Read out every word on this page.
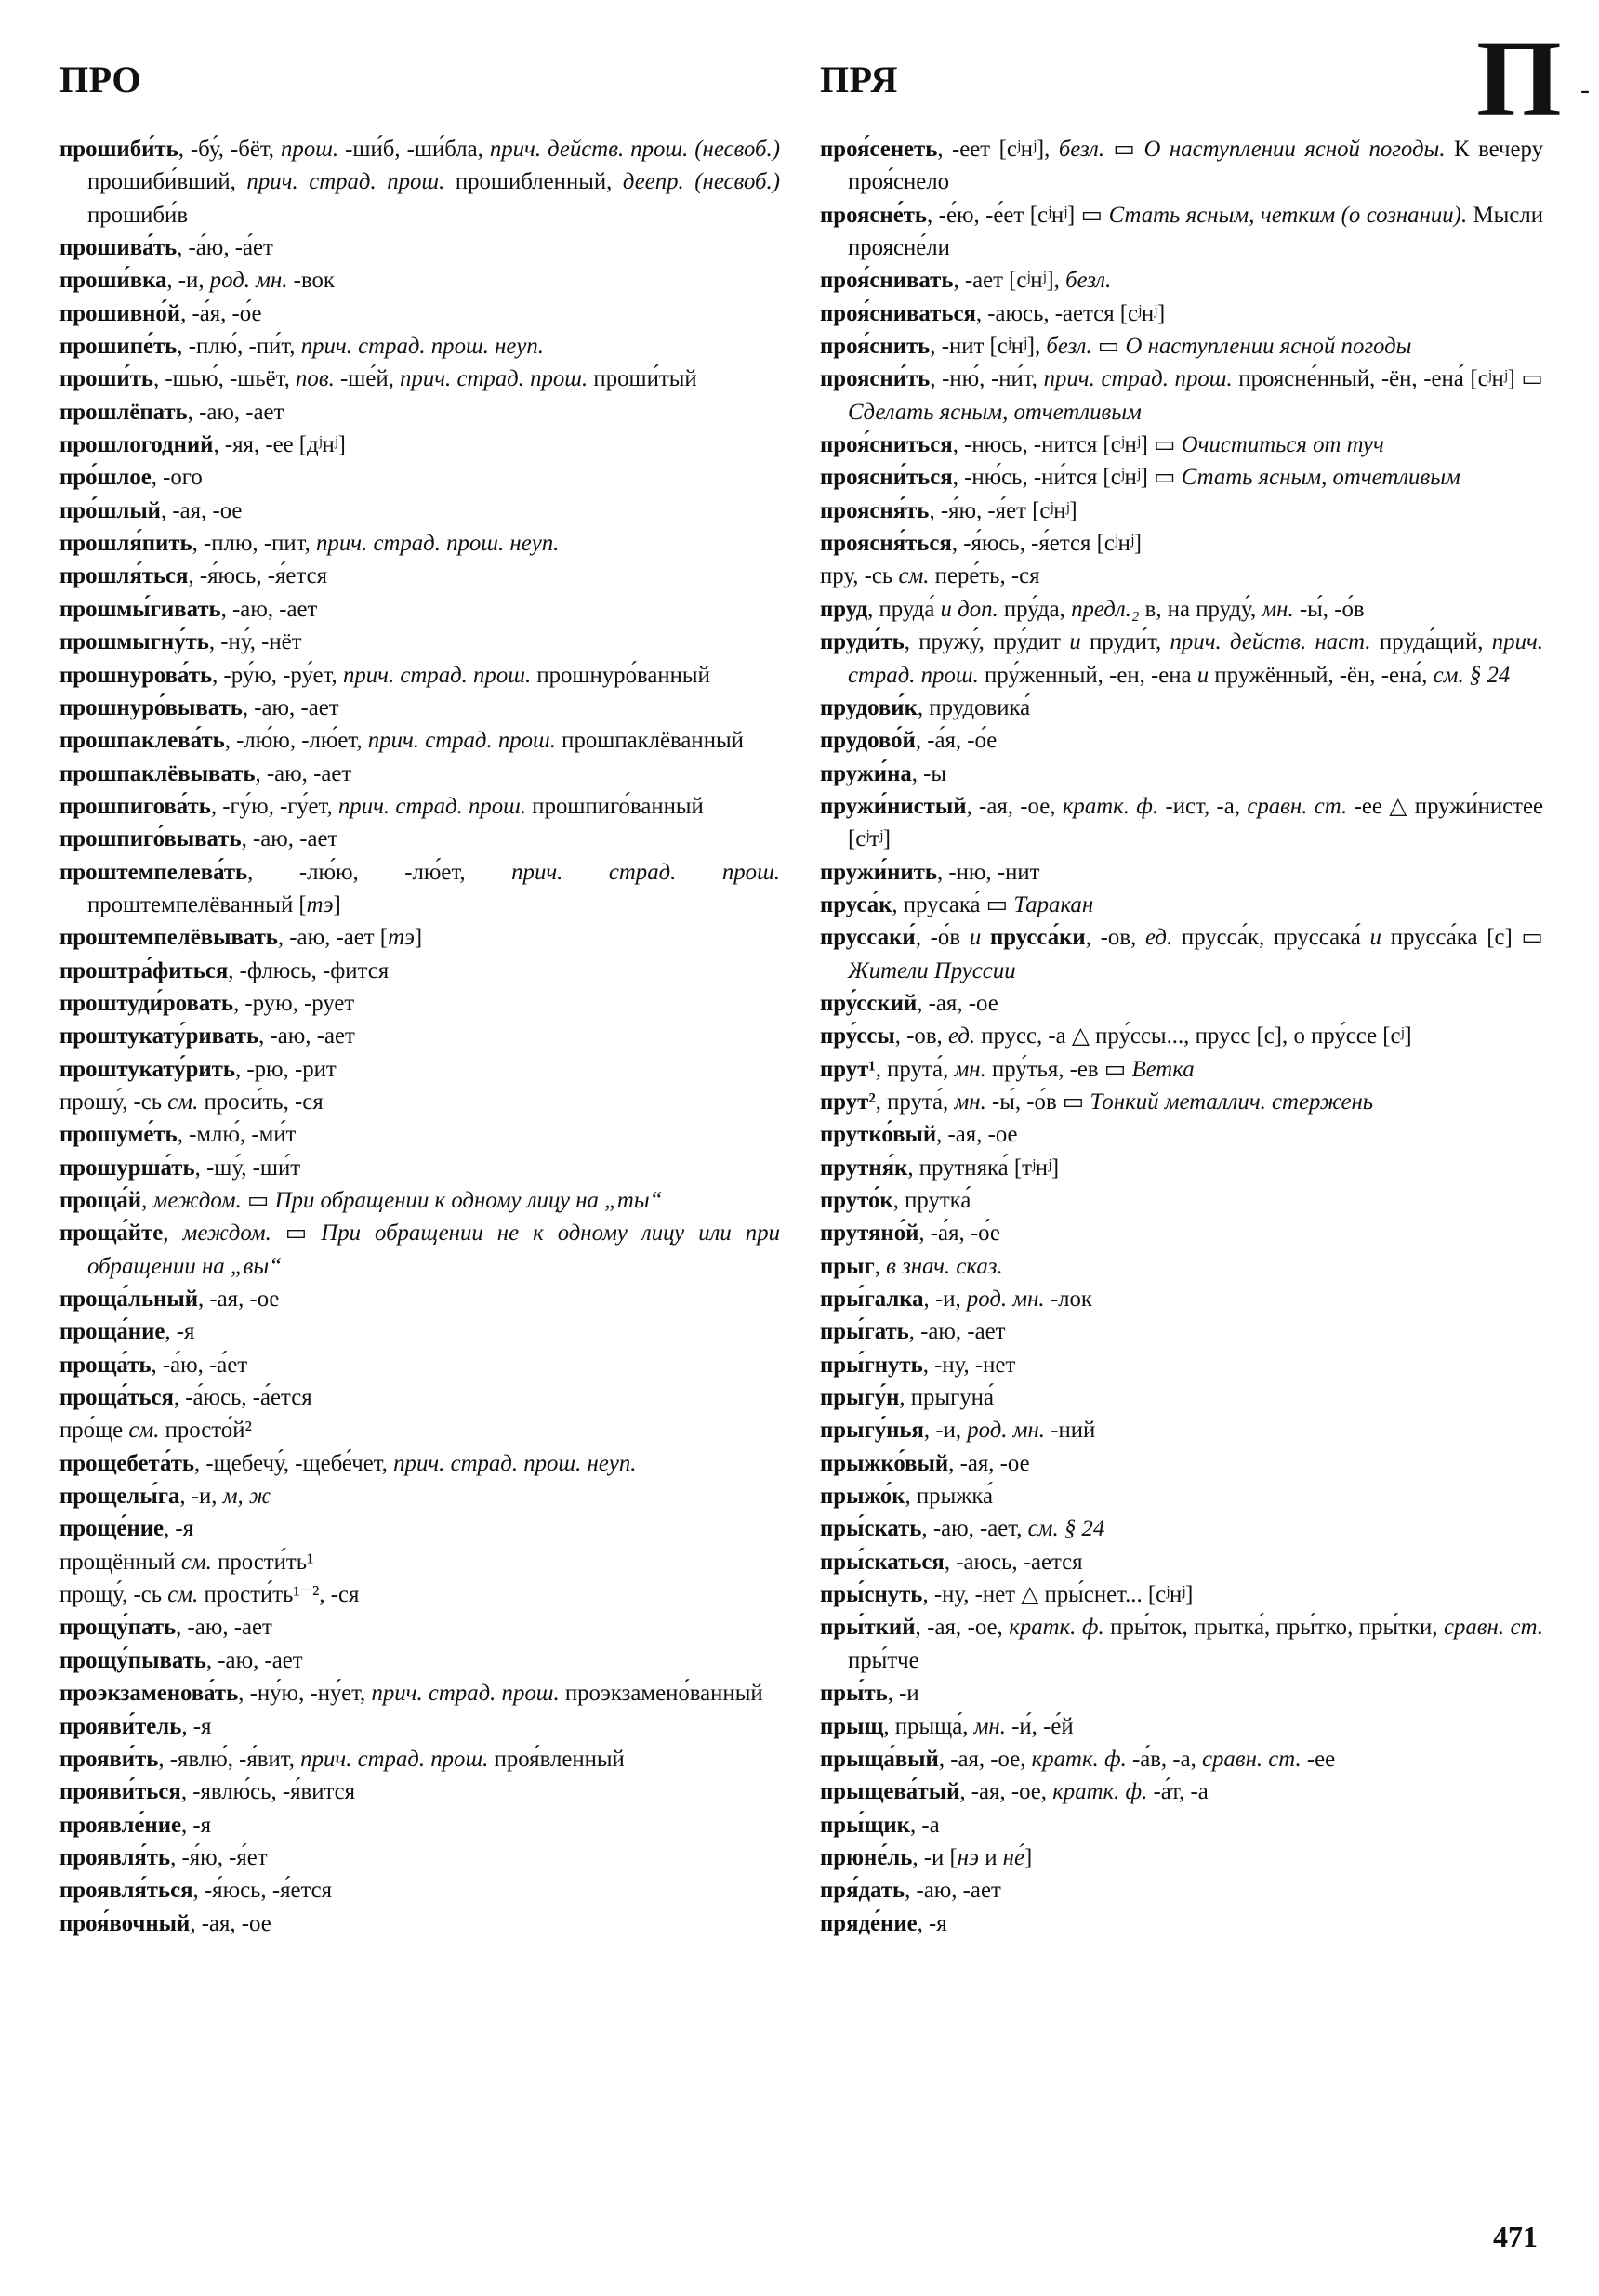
ПРО	ПРЯ	П -
прошиби́ть, -бу́, -бёт, прош. -ши́б, -ши́бла, прич. действ. прош. (несвоб.) прошиби́вший, прич. страд. прош. прошибленный, деепр. (несвоб.) прошиби́в
прошива́ть, -а́ю, -а́ет
проши́вка, -и, род. мн. -вок
прошивно́й, -а́я, -о́е
прошипе́ть, -плю́, -пи́т, прич. страд. прош. неуп.
проши́ть, -шью́, -шьёт, пов. -ше́й, прич. страд. прош. проши́тый
прошлёпать, -аю, -ает
прошлогодний, -яя, -ее [дʲнʲ]
про́шлое, -ого
про́шлый, -ая, -ое
прошля́пить, -плю, -пит, прич. страд. прош. неуп.
прошля́ться, -я́юсь, -я́ется
прошмы́гивать, -аю, -ает
прошмыгну́ть, -ну́, -нёт
прошнурова́ть, -ру́ю, -ру́ет, прич. страд. прош. прошнуро́ванный
прошнуро́вывать, -аю, -ает
прошпаклева́ть, -лю́ю, -лю́ет, прич. страд. прош. прошпаклёванный
прошпаклёвывать, -аю, -ает
прошпигова́ть, -гу́ю, -гу́ет, прич. страд. прош. прошпиго́ванный
прошпиго́вывать, -аю, -ает
проштемпелева́ть, -лю́ю, -лю́ет, прич. страд. прош. проштемпелёванный [тэ]
проштемпелёвывать, -аю, -ает [тэ]
проштра́фиться, -флюсь, -фится
проштуди́ровать, -рую, -рует
проштукату́ривать, -аю, -ает
проштукату́рить, -рю, -рит
прошу́, -сь см. проси́ть, -ся
прошуме́ть, -млю́, -ми́т
прошурша́ть, -шу́, -ши́т
проща́й, междом. ▭ При обращении к одному лицу на „ты“
проща́йте, междом. ▭ При обращении не к одному лицу или при обращении на „вы“
проща́льный, -ая, -ое
проща́ние, -я
проща́ть, -а́ю, -а́ет
проща́ться, -а́юсь, -а́ется
про́ще см. просто́й²
прощебета́ть, -щебечу́, -щебе́чет, прич. страд. прош. неуп.
прощелы́га, -и, м, ж
проще́ние, -я
прощённый см. прости́ть¹
прощу́, -сь см. прости́ть¹⁻², -ся
прощу́пать, -аю, -ает
прощу́пывать, -аю, -ает
проэкзаменова́ть, -ну́ю, -ну́ет, прич. страд. прош. проэкзамено́ванный
прояви́тель, -я
прояви́ть, -явлю́, -я́вит, прич. страд. прош. проя́вленный
прояви́ться, -явлю́сь, -я́вится
проявле́ние, -я
проявля́ть, -я́ю, -я́ет
проявля́ться, -я́юсь, -я́ется
проя́вочный, -ая, -ое
проя́сенеть, -еет [сʲнʲ], безл. ▭ О наступлении ясной погоды. К вечеру проя́снело
проясне́ть, -е́ю, -е́ет [сʲнʲ] ▭ Стать ясным, четким (о сознании). Мысли проясне́ли
проя́снивать, -ает [сʲнʲ], безл.
проя́сниваться, -аюсь, -ается [сʲнʲ]
проя́снить, -нит [сʲнʲ], безл. ▭ О наступлении ясной погоды
проясни́ть, -ню́, -ни́т, прич. страд. прош. проясне́нный, -ён, -ена́ [сʲнʲ] ▭ Сделать ясным, отчетливым
проя́сниться, -нюсь, -нится [сʲнʲ] ▭ Очиститься от туч
проясни́ться, -ню́сь, -ни́тся [сʲнʲ] ▭ Стать ясным, отчетливым
проясня́ть, -я́ю, -я́ет [сʲнʲ]
проясня́ться, -я́юсь, -я́ется [сʲнʲ]
пру, -сь см. пере́ть, -ся
пруд, пруда́ и доп. пру́да, предл.₂ в, на пруду́, мн. -ы́, -о́в
пруди́ть, пружу́, пру́дит и пруди́т, прич. действ. наст. пруда́щий, прич. страд. прош. пру́женный, -ен, -ена и пружённый, -ён, -ена́, см. § 24
прудови́к, прудовика́
прудово́й, -а́я, -о́е
пружи́на, -ы
пружи́нистый, -ая, -ое, кратк. ф. -ист, -а, сравн. ст. -ее △ пружи́нистее [сʲтʲ]
пружи́нить, -ню, -нит
пруса́к, прусака́ ▭ Таракан
пруссаки́, -о́в и прусса́ки, -ов, ед. прусса́к, пруссака́ и прусса́ка [с] ▭ Жители Пруссии
пру́сский, -ая, -ое
пру́ссы, -ов, ед. прусс, -а △ пру́ссы..., прусс [с], о пру́ссе [сʲ]
прут¹, прута́, мн. пру́тья, -ев ▭ Ветка
прут², прута́, мн. -ы́, -о́в ▭ Тонкий металлич. стержень
прутко́вый, -ая, -ое
прутня́к, прутняка́ [тʲнʲ]
пруто́к, прутка́
прутяно́й, -а́я, -о́е
прыг, в знач. сказ.
пры́галка, -и, род. мн. -лок
пры́гать, -аю, -ает
пры́гнуть, -ну, -нет
прыгу́н, прыгуна́
прыгу́нья, -и, род. мн. -ний
прыжко́вый, -ая, -ое
прыжо́к, прыжка́
пры́скать, -аю, -ает, см. § 24
пры́скаться, -аюсь, -ается
пры́снуть, -ну, -нет △ пры́снет... [сʲнʲ]
пры́ткий, -ая, -ое, кратк. ф. пры́ток, прытка́, пры́тко, пры́тки, сравн. ст. пры́тче
пры́ть, -и
прыщ, прыща́, мн. -и́, -е́й
прыща́вый, -ая, -ое, кратк. ф. -а́в, -а, сравн. ст. -ее
прыщева́тый, -ая, -ое, кратк. ф. -а́т, -а
пры́щик, -а
прюне́ль, -и [нэ и не́]
пря́дать, -аю, -ает
пряде́ние, -я
471
